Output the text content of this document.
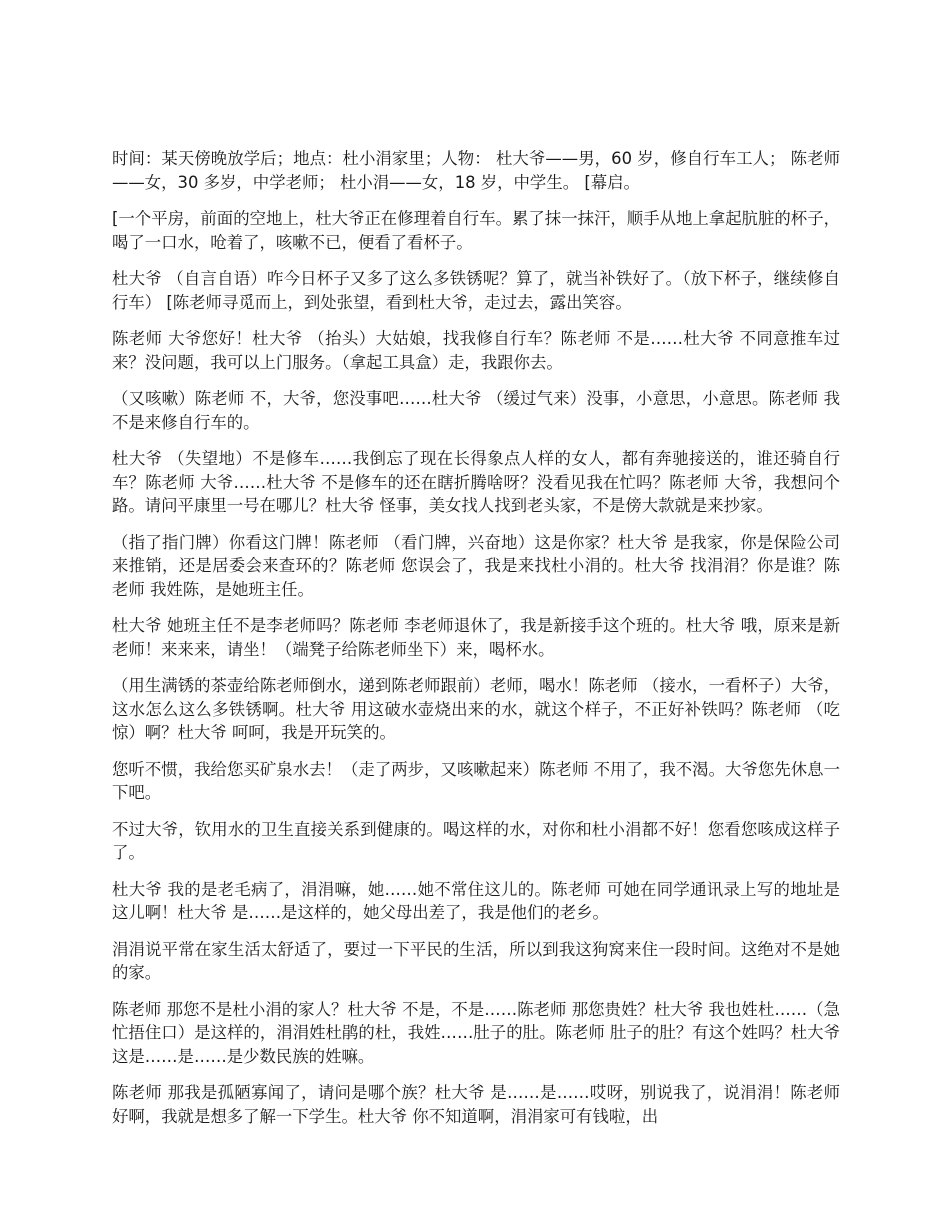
时间：某天傍晚放学后；地点：杜小涓家里；人物： 杜大爷——男，60 岁，修自行车工人； 陈老师——女，30 多岁，中学老师； 杜小涓——女，18 岁，中学生。 [幕启。

[一个平房，前面的空地上，杜大爷正在修理着自行车。累了抹一抹汗，顺手从地上拿起肮脏的杯子，喝了一口水，呛着了，咳嗽不已，便看了看杯子。

杜大爷 （自言自语）咋今日杯子又多了这么多铁锈呢？算了，就当补铁好了。（放下杯子，继续修自行车） [陈老师寻觅而上，到处张望，看到杜大爷，走过去，露出笑容。

陈老师 大爷您好！杜大爷 （抬头）大姑娘，找我修自行车？陈老师 不是……杜大爷 不同意推车过来？没问题，我可以上门服务。（拿起工具盒）走，我跟你去。

（又咳嗽）陈老师 不，大爷，您没事吧……杜大爷 （缓过气来）没事，小意思，小意思。陈老师 我不是来修自行车的。

杜大爷 （失望地）不是修车……我倒忘了现在长得象点人样的女人，都有奔驰接送的，谁还骑自行车？陈老师 大爷……杜大爷 不是修车的还在瞎折腾啥呀？没看见我在忙吗？陈老师 大爷，我想问个路。请问平康里一号在哪儿？杜大爷 怪事，美女找人找到老头家，不是傍大款就是来抄家。

（指了指门牌）你看这门牌！陈老师 （看门牌，兴奋地）这是你家？杜大爷 是我家，你是保险公司来推销，还是居委会来查环的？陈老师 您误会了，我是来找杜小涓的。杜大爷 找涓涓？你是谁？陈老师 我姓陈，是她班主任。

杜大爷 她班主任不是李老师吗？陈老师 李老师退休了，我是新接手这个班的。杜大爷 哦，原来是新老师！来来来，请坐！（端凳子给陈老师坐下）来，喝杯水。

（用生满锈的茶壶给陈老师倒水，递到陈老师跟前）老师，喝水！陈老师 （接水，一看杯子）大爷，这水怎么这么多铁锈啊。杜大爷 用这破水壶烧出来的水，就这个样子，不正好补铁吗？陈老师 （吃惊）啊？杜大爷 呵呵，我是开玩笑的。

您听不惯，我给您买矿泉水去！（走了两步，又咳嗽起来）陈老师 不用了，我不渴。大爷您先休息一下吧。

不过大爷，钦用水的卫生直接关系到健康的。喝这样的水，对你和杜小涓都不好！您看您咳成这样子了。

杜大爷 我的是老毛病了，涓涓嘛，她……她不常住这儿的。陈老师 可她在同学通讯录上写的地址是这儿啊！杜大爷 是……是这样的，她父母出差了，我是他们的老乡。

涓涓说平常在家生活太舒适了，要过一下平民的生活，所以到我这狗窝来住一段时间。这绝对不是她的家。

陈老师 那您不是杜小涓的家人？杜大爷 不是，不是……陈老师 那您贵姓？杜大爷 我也姓杜……（急忙捂住口）是这样的，涓涓姓杜鹃的杜，我姓……肚子的肚。陈老师 肚子的肚？有这个姓吗？杜大爷 这是……是……是少数民族的姓嘛。

陈老师 那我是孤陋寡闻了，请问是哪个族？杜大爷 是……是……哎呀，别说我了，说涓涓！陈老师 好啊，我就是想多了解一下学生。杜大爷 你不知道啊，涓涓家可有钱啦，出
